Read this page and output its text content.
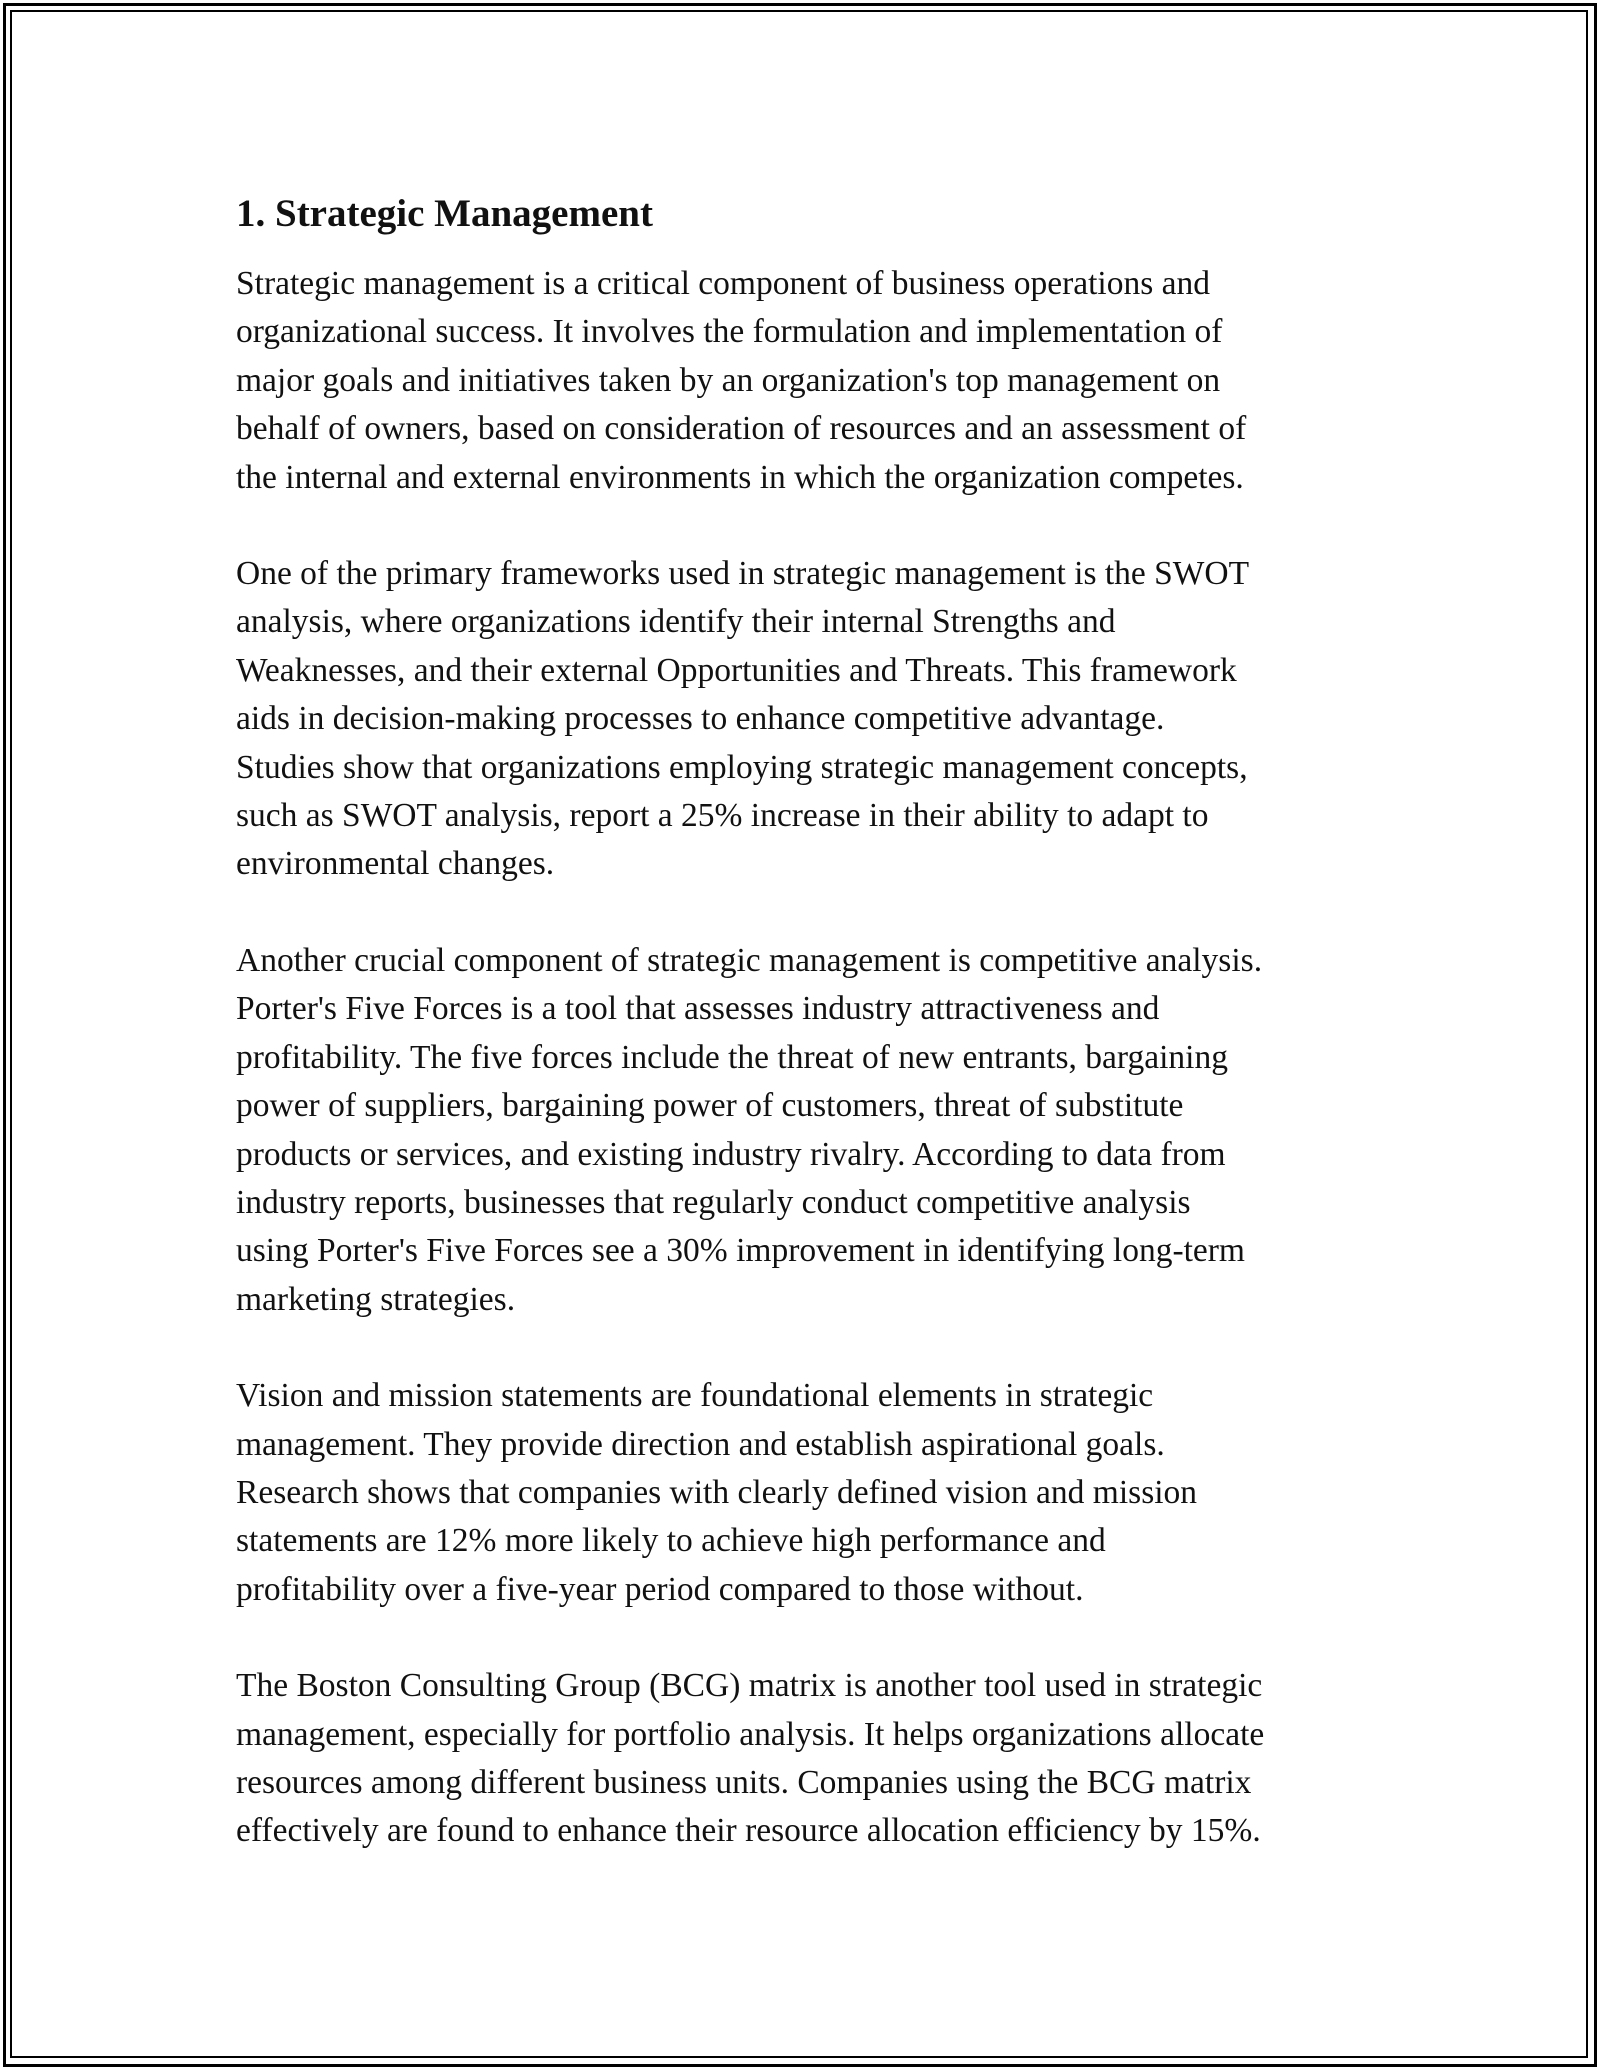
1. Strategic Management

Strategic management is a critical component of business operations and
organizational success. It involves the formulation and implementation of
major goals and initiatives taken by an organization's top management on
behalf of owners, based on consideration of resources and an assessment of
the internal and external environments in which the organization competes.

One of the primary frameworks used in strategic management is the SWOT
analysis, where organizations identify their internal Strengths and
Weaknesses, and their external Opportunities and Threats. This framework
aids in decision-making processes to enhance competitive advantage.
Studies show that organizations employing strategic management concepts,
such as SWOT analysis, report a 25% increase in their ability to adapt to
environmental changes.

Another crucial component of strategic management is competitive analysis.
Porter's Five Forces is a tool that assesses industry attractiveness and
profitability. The five forces include the threat of new entrants, bargaining
power of suppliers, bargaining power of customers, threat of substitute
products or services, and existing industry rivalry. According to data from
industry reports, businesses that regularly conduct competitive analysis
using Porter's Five Forces see a 30% improvement in identifying long-term
marketing strategies.

Vision and mission statements are foundational elements in strategic
management. They provide direction and establish aspirational goals.
Research shows that companies with clearly defined vision and mission
statements are 12% more likely to achieve high performance and
profitability over a five-year period compared to those without.

The Boston Consulting Group (BCG) matrix is another tool used in strategic
management, especially for portfolio analysis. It helps organizations allocate
resources among different business units. Companies using the BCG matrix
effectively are found to enhance their resource allocation efficiency by 15%.
